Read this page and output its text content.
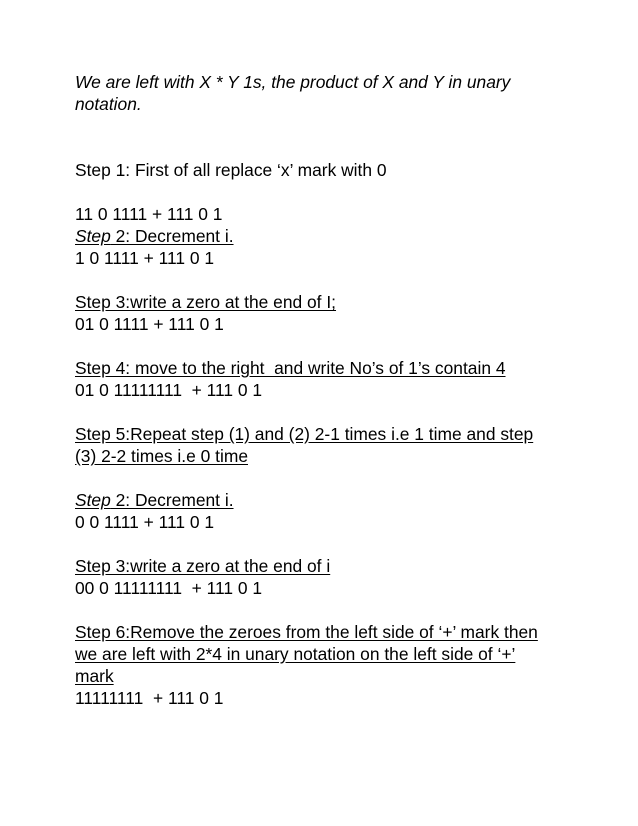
We are left with X * Y 1s, the product of X and Y in unary notation.

Step 1: First of all replace ‘x’ mark with 0

11 0 1111 + 111 0 1

Step 2: Decrement i.

1 0 1111 + 111 0 1

Step 3:write a zero at the end of I;

01 0 1111 + 111 0 1

Step 4: move to the right  and write No’s of 1’s contain 4

01 0 11111111  + 111 0 1

Step 5:Repeat step (1) and (2) 2-1 times i.e 1 time and step (3) 2-2 times i.e 0 time

Step 2: Decrement i.

0 0 1111 + 111 0 1

Step 3:write a zero at the end of i

00 0 11111111  + 111 0 1

Step 6:Remove the zeroes from the left side of ‘+’ mark then we are left with 2*4 in unary notation on the left side of ‘+’ mark

11111111  + 111 0 1
